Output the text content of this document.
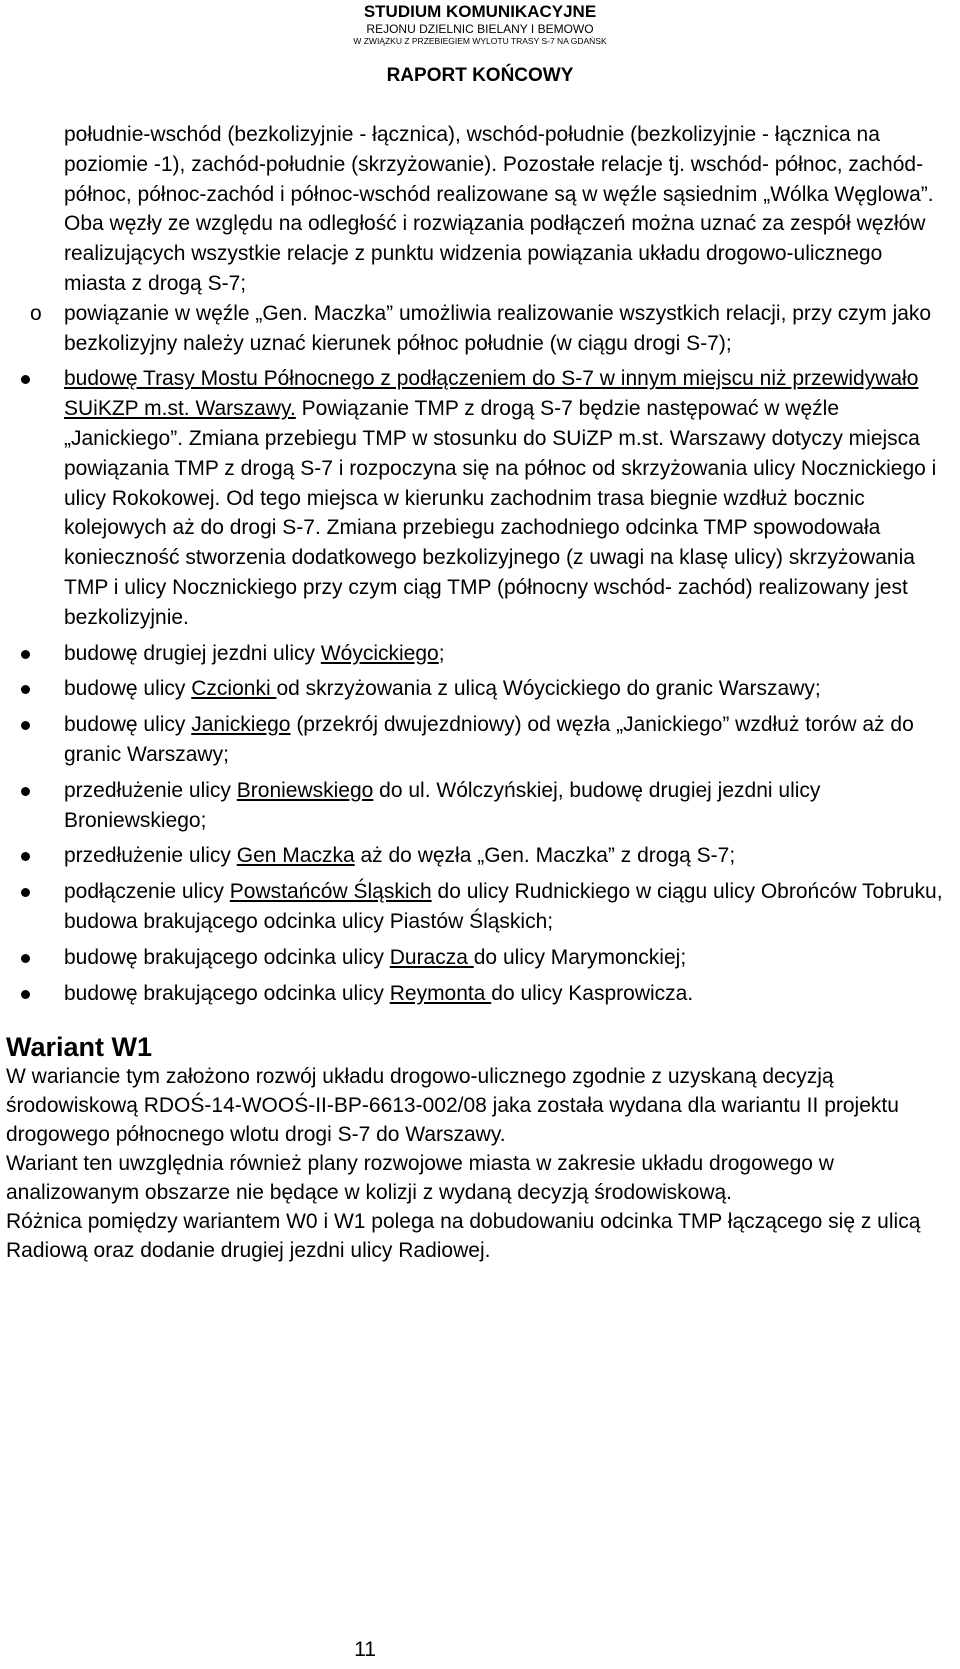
STUDIUM KOMUNIKACYJNE
REJONU DZIELNIC BIELANY I BEMOWO
W ZWIĄZKU Z PRZEBIEGIEM WYLOTU TRASY S-7 NA GDAŃSK
RAPORT KOŃCOWY
południe-wschód (bezkolizyjnie - łącznica), wschód-południe (bezkolizyjnie - łącznica na poziomie -1), zachód-południe (skrzyżowanie). Pozostałe relacje tj. wschód- północ, zachód-północ, północ-zachód i północ-wschód realizowane są w węźle sąsiednim „Wólka Węglowa”. Oba węzły ze względu na odległość i rozwiązania podłączeń można uznać za zespół węzłów realizujących wszystkie relacje z punktu widzenia powiązania układu drogowo-ulicznego miasta z drogą S-7;
o powiązanie w węźle „Gen. Maczka” umożliwia realizowanie wszystkich relacji, przy czym jako bezkolizyjny należy uznać kierunek północ południe (w ciągu drogi S-7);
budowę Trasy Mostu Północnego z podłączeniem do S-7 w innym miejscu niż przewidywało SUiKZP m.st. Warszawy. Powiązanie TMP z drogą S-7 będzie następować w węźle „Janickiego”. Zmiana przebiegu TMP w stosunku do SUiZP m.st. Warszawy dotyczy miejsca powiązania TMP z drogą S-7 i rozpoczyna się na północ od skrzyżowania ulicy Nocznickiego i ulicy Rokokowej. Od tego miejsca w kierunku zachodnim trasa biegnie wzdłuż bocznic kolejowych aż do drogi S-7. Zmiana przebiegu zachodniego odcinka TMP spowodowała konieczność stworzenia dodatkowego bezkolizyjnego (z uwagi na klasę ulicy) skrzyżowania TMP i ulicy Nocznickiego przy czym ciąg TMP (północny wschód- zachód) realizowany jest bezkolizyjnie.
budowę drugiej jezdni ulicy Wóycickiego;
budowę ulicy Czcionki od skrzyżowania z ulicą Wóycickiego do granic Warszawy;
budowę ulicy Janickiego (przekrój dwujezdniowy) od węzła „Janickiego” wzdłuż torów aż do granic Warszawy;
przedłużenie ulicy Broniewskiego do ul. Wólczyńskiej, budowę drugiej jezdni ulicy Broniewskiego;
przedłużenie ulicy Gen Maczka aż do węzła „Gen. Maczka” z drogą S-7;
podłączenie ulicy Powstańców Śląskich do ulicy Rudnickiego w ciągu ulicy Obrońców Tobruku, budowa brakującego odcinka ulicy Piastów Śląskich;
budowę brakującego odcinka ulicy Duracza do ulicy Marymonckiej;
budowę brakującego odcinka ulicy Reymonta do ulicy Kasprowicza.
Wariant W1
W wariancie tym założono rozwój układu drogowo-ulicznego zgodnie z uzyskaną decyzją środowiskową RDOŚ-14-WOOŚ-II-BP-6613-002/08 jaka została wydana dla wariantu II projektu drogowego północnego wlotu drogi S-7 do Warszawy.
Wariant ten uwzględnia również plany rozwojowe miasta w zakresie układu drogowego w analizowanym obszarze nie będące w kolizji z wydaną decyzją środowiskową.
Różnica pomiędzy wariantem W0 i W1 polega na dobudowaniu odcinka TMP łączącego się z ulicą Radiową oraz dodanie drugiej jezdni ulicy Radiowej.
11
